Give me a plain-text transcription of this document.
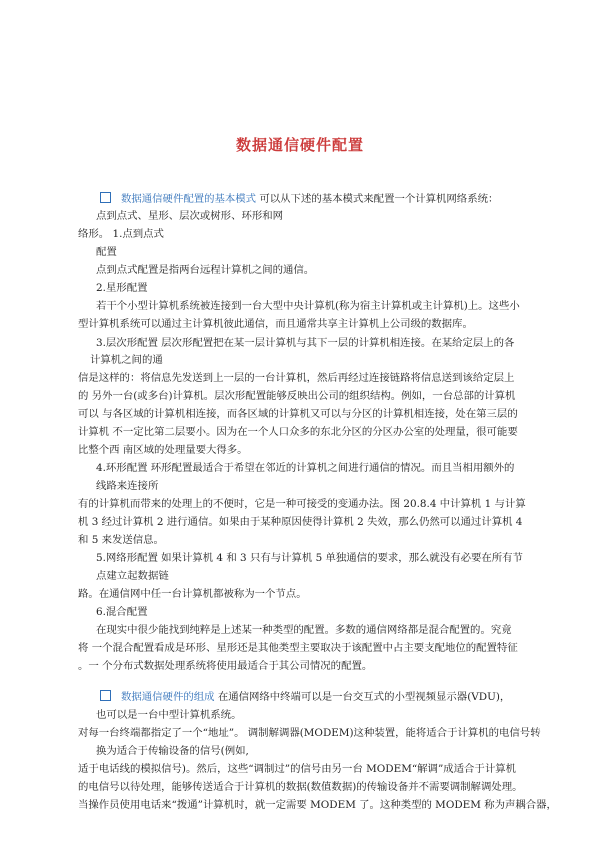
数据通信硬件配置
数据通信硬件配置的基本模式 可以从下述的基本模式来配置一个计算机网络系统：
点到点式、星形、层次或树形、环形和网
络形。 1.点到点式
配置
点到点式配置是指两台远程计算机之间的通信。
2.星形配置
若干个小型计算机系统被连接到一台大型中央计算机(称为宿主计算机或主计算机)上。这些小
型计算机系统可以通过主计算机彼此通信，而且通常共享主计算机上公司级的数据库。
3.层次形配置 层次形配置把在某一层计算机与其下一层的计算机相连接。在某给定层上的各
计算机之间的通
信是这样的：将信息先发送到上一层的一台计算机，然后再经过连接链路将信息送到该给定层上
的 另外一台(或多台)计算机。层次形配置能够反映出公司的组织结构。例如，一台总部的计算机
可以 与各区域的计算机相连接，而各区域的计算机又可以与分区的计算机相连接，处在第三层的
计算机 不一定比第二层要小。因为在一个人口众多的东北分区的分区办公室的处理量，很可能要
比整个西 南区域的处理量要大得多。
4.环形配置 环形配置最适合于希望在邻近的计算机之间进行通信的情况。而且当相用额外的
线路来连接所
有的计算机而带来的处理上的不便时，它是一种可接受的变通办法。图 20.8.4 中计算机 1 与计算
机 3 经过计算机 2 进行通信。如果由于某种原因使得计算机 2 失效，那么仍然可以通过计算机 4
和 5 来发送信息。
5.网络形配置 如果计算机 4 和 3 只有与计算机 5 单独通信的要求，那么就没有必要在所有节
点建立起数据链
路。在通信网中任一台计算机都被称为一个节点。
6.混合配置
在现实中很少能找到纯粹是上述某一种类型的配置。多数的通信网络都是混合配置的。究竟
将 一个混合配置看成是环形、星形还是其他类型主要取决于该配置中占主要支配地位的配置特征
。一 个分布式数据处理系统将使用最适合于其公司情况的配置。
数据通信硬件的组成 在通信网络中终端可以是一台交互式的小型视频显示器(VDU)，
也可以是一台中型计算机系统。
对每一台终端都指定了一个“地址”。 调制解调器(MODEM)这种装置，能将适合于计算机的电信号转
换为适合于传输设备的信号(例如,
适于电话线的模拟信号)。然后，这些“调制过”的信号由另一台 MODEM“解调”成适合于计算机
的电信号以待处理，能够传送适合于计算机的数据(数值数据)的传输设备并不需要调制解调处理。
当操作员使用电话来“拨通”计算机时，就一定需要 MODEM 了。这种类型的 MODEM 称为声耦合器，
